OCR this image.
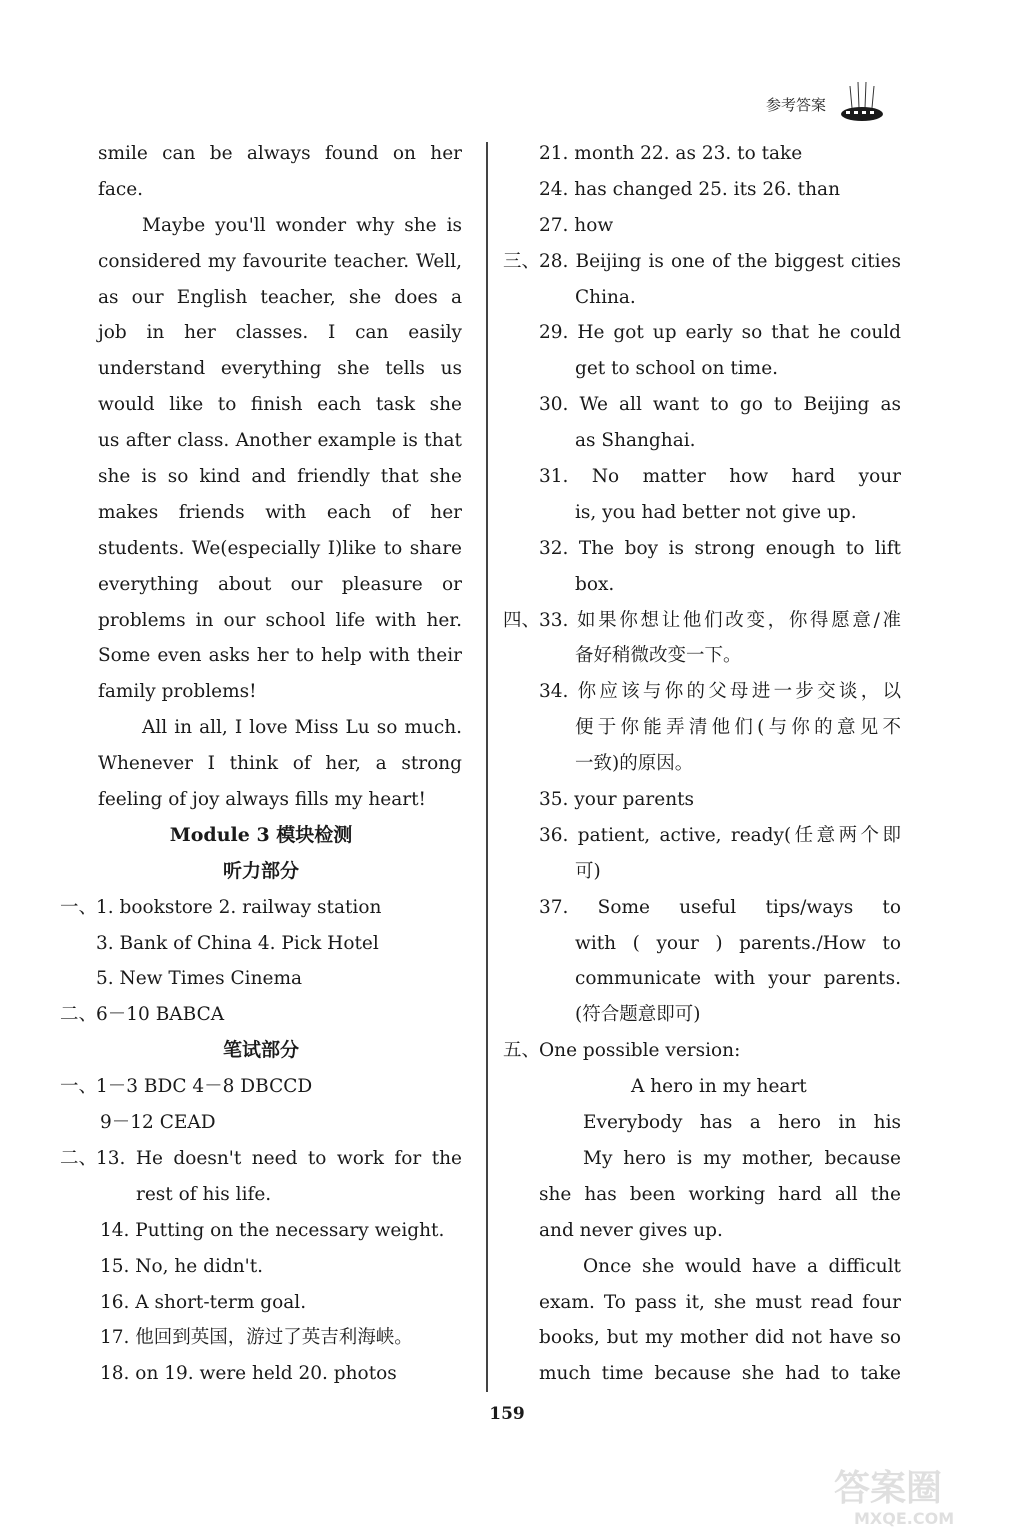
参考答案
smile can be always found on her
face.
Maybe you'll wonder why she is
considered my favourite teacher. Well,
as our English teacher, she does a
job in her classes. I can easily
understand everything she tells us
would like to finish each task she
us after class. Another example is that
she is so kind and friendly that she
makes friends with each of her
students. We(especially I)like to share
everything about our pleasure or
problems in our school life with her.
Some even asks her to help with their
family problems!
All in all, I love Miss Lu so much.
Whenever I think of her, a strong
feeling of joy always fills my heart!
Module 3 模块检测
听力部分
一、
1. bookstore 2. railway station
3. Bank of China 4. Pick Hotel
5. New Times Cinema
二、
6－10 BABCA
笔试部分
一、
1－3 BDC 4－8 DBCCD
9－12 CEAD
二、
13. He doesn't need to work for the
rest of his life.
14. Putting on the necessary weight.
15. No, he didn't.
16. A short-term goal.
17. 他回到英国，游过了英吉利海峡。
18. on 19. were held 20. photos
21. month 22. as 23. to take
24. has changed 25. its 26. than
27. how
三、
28. Beijing is one of the biggest cities
China.
29. He got up early so that he could
get to school on time.
30. We all want to go to Beijing as
as Shanghai.
31. No matter how hard your
is, you had better not give up.
32. The boy is strong enough to lift
box.
四、
33. 如果你想让他们改变，你得愿意/准
备好稍微改变一下。
34. 你应该与你的父母进一步交谈，以
便于你能弄清他们(与你的意见不
一致)的原因。
35. your parents
36. patient, active, ready(任意两个即
可)
37. Some useful tips/ways to
with ( your ) parents./How to
communicate with your parents.
(符合题意即可)
五、
One possible version:
A hero in my heart
Everybody has a hero in his
My hero is my mother, because
she has been working hard all the
and never gives up.
Once she would have a difficult
exam. To pass it, she must read four
books, but my mother did not have so
much time because she had to take
159
答案圈
MXQE.COM
